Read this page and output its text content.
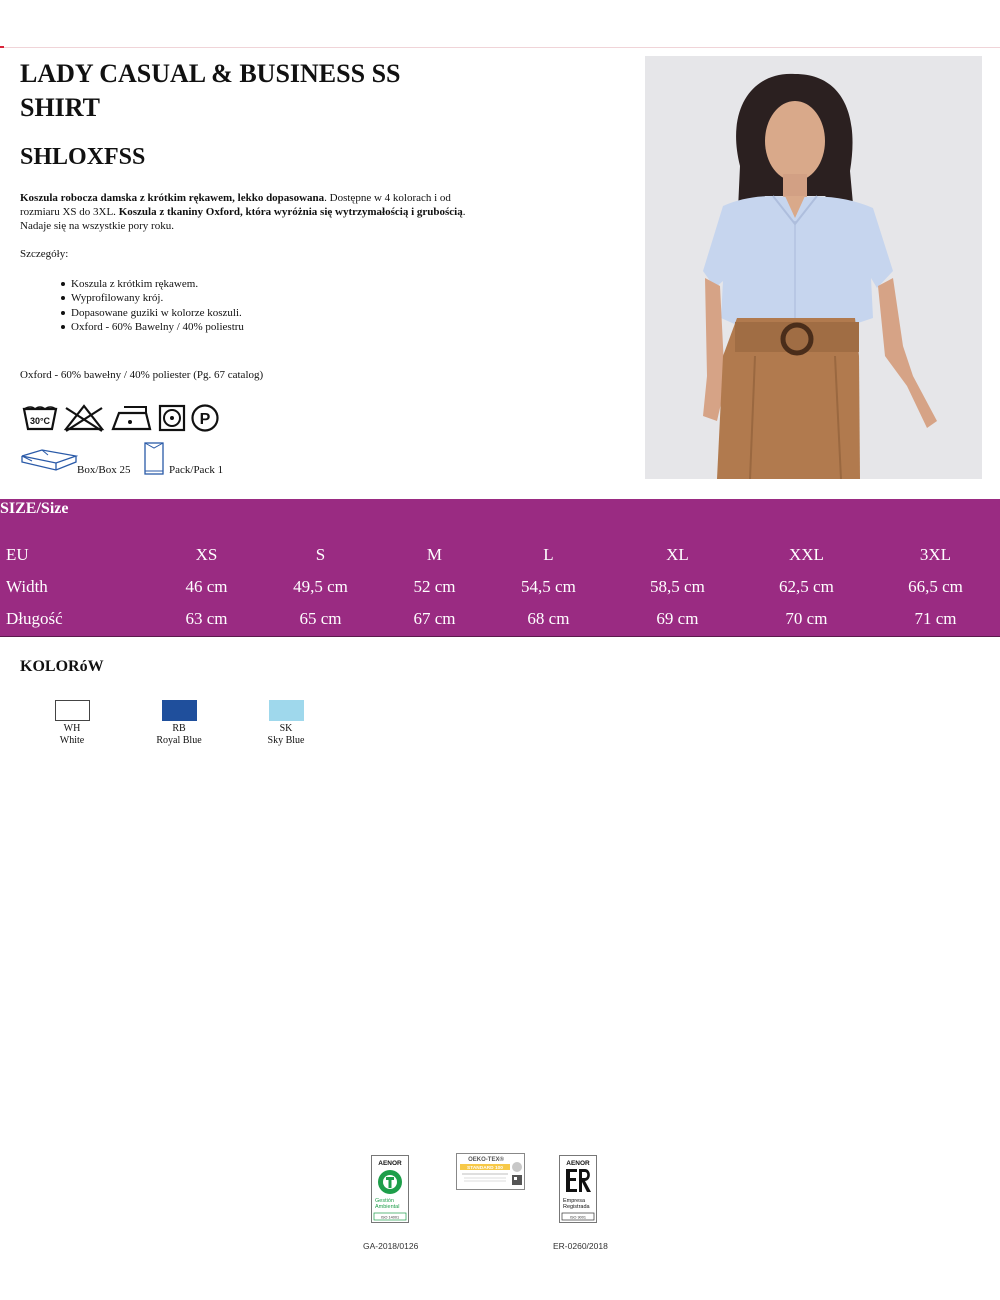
LADY CASUAL & BUSINESS SS SHIRT
SHLOXFSS

Koszula robocza damska z krótkim rękawem, lekko dopasowana. Dostępne w 4 kolorach i od rozmiaru XS do 3XL. Koszula z tkaniny Oxford, która wyróżnia się wytrzymałością i grubością. Nadaje się na wszystkie pory roku.

Szczegóły:
Koszula z krótkim rękawem.
Wyprofilowany krój.
Dopasowane guziki w kolorze koszuli.
Oxford - 60% Bawelny / 40% poliestru
Oxford - 60% bawełny / 40% poliester (Pg. 67 catalog)
30°C	P
Box/Box 25	Pack/Pack 1
SIZE/Size
EU	XS	S	M	L	XL	XXL	3XL
Width	46 cm	49,5 cm	52 cm	54,5 cm	58,5 cm	62,5 cm	66,5 cm
Długość	63 cm	65 cm	67 cm	68 cm	69 cm	70 cm	71 cm
KOLORóW
WH
White
RB
Royal Blue
SK
Sky Blue
AENOR
Gestión
Ambiental
ISO 14001
GA-2018/0126
OEKO-TEX®
STANDARD 100
AENOR
Empresa
Registrada
ISO 9001
ER-0260/2018
